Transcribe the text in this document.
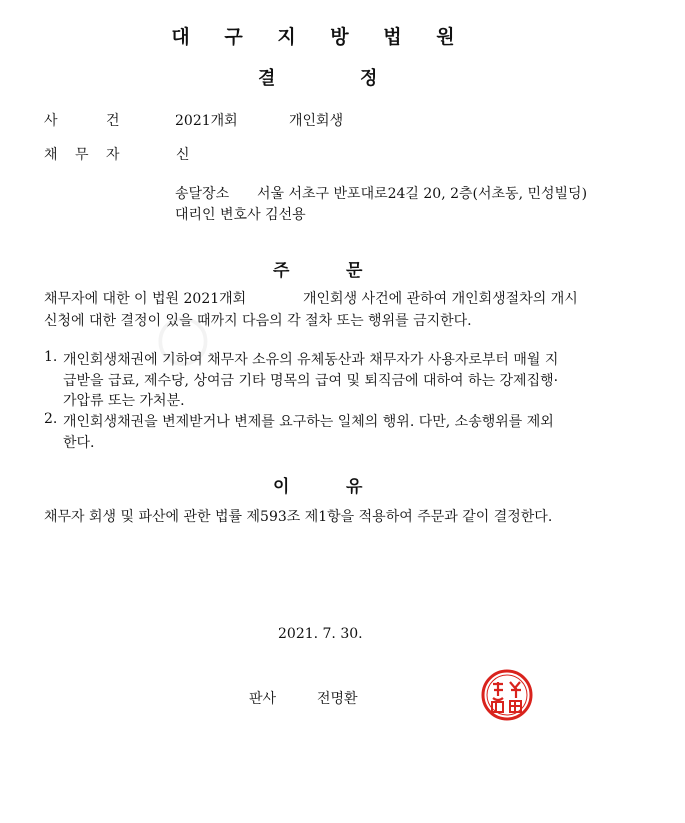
○
대 구 지 방 법 원
결	정
사	건	2021개회	개인회생
채 무 자	신
송달장소 서울 서초구 반포대로24길 20, 2층(서초동, 민성빌딩)
대리인 변호사 김선용
주	문
채무자에 대한 이 법원 2021개회	개인회생 사건에 관하여 개인회생절차의 개시
신청에 대한 결정이 있을 때까지 다음의 각 절차 또는 행위를 금지한다.
1. 개인회생채권에 기하여 채무자 소유의 유체동산과 채무자가 사용자로부터 매월 지
급받을 급료, 제수당, 상여금 기타 명목의 급여 및 퇴직금에 대하여 하는 강제집행·
가압류 또는 가처분.
2. 개인회생채권을 변제받거나 변제를 요구하는 일체의 행위. 다만, 소송행위를 제외
한다.
이	유
채무자 회생 및 파산에 관한 법률 제593조 제1항을 적용하여 주문과 같이 결정한다.
2021. 7. 30.
판사	전명환
